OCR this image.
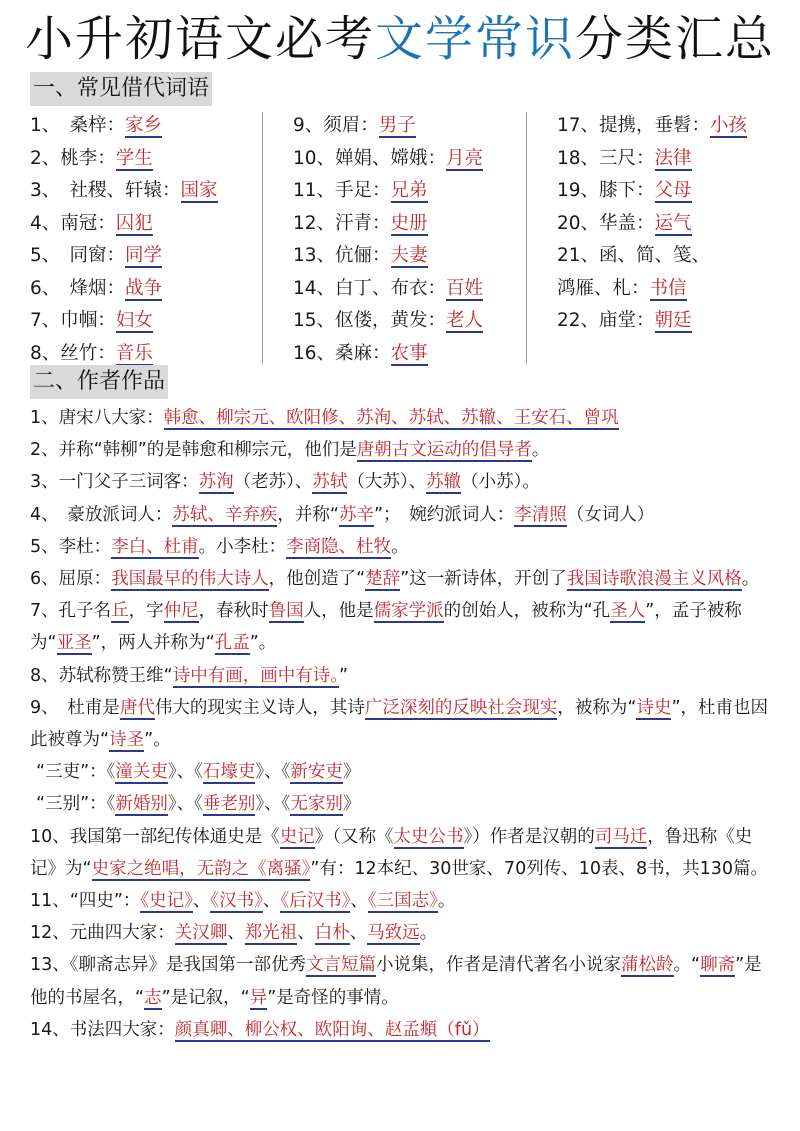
小升初语文必考文学常识分类汇总
一、常见借代词语
1、　桑梓：家乡
2、桃李：学生
3、　社稷、轩辕：国家
4、南冠：囚犯
5、　同窗：同学
6、　烽烟：战争
7、巾帼：妇女
8、丝竹：音乐
9、须眉：男子
10、婵娟、嫦娥：月亮
11、手足：兄弟
12、汗青：史册
13、伉俪：夫妻
14、白丁、布衣：百姓
15、伛偻，黄发：老人
16、桑麻：农事
17、提携，垂髫：小孩
18、三尺：法律
19、膝下：父母
20、华盖：运气
21、函、简、笺、
鸿雁、札：书信
22、庙堂：朝廷
二、作者作品
1、唐宋八大家：韩愈、柳宗元、欧阳修、苏洵、苏轼、苏辙、王安石、曾巩
2、并称“韩柳”的是韩愈和柳宗元，他们是唐朝古文运动的倡导者。
3、一门父子三词客：苏洵（老苏）、苏轼（大苏）、苏辙（小苏）。
4、　豪放派词人：苏轼、辛弃疾，并称“苏辛”；　婉约派词人：李清照（女词人）
5、李杜：李白、杜甫。小李杜：李商隐、杜牧。
6、屈原：我国最早的伟大诗人，他创造了“楚辞”这一新诗体，开创了我国诗歌浪漫主义风格。
7、孔子名丘，字仲尼，春秋时鲁国人，他是儒家学派的创始人，被称为“孔圣人”，孟子被称为“亚圣”，两人并称为“孔孟”。
8、苏轼称赞王维“诗中有画，画中有诗。”
9、　杜甫是唐代伟大的现实主义诗人，其诗广泛深刻的反映社会现实，被称为“诗史”，杜甫也因此被尊为“诗圣”。
“三吏”：《潼关吏》、《石壕吏》、《新安吏》
“三别”：《新婚别》、《垂老别》、《无家别》
10、我国第一部纪传体通史是《史记》（又称《太史公书》）作者是汉朝的司马迁，鲁迅称《史记》为“史家之绝唱，无韵之《离骚》”有：12本纪、30世家、70列传、10表、8书，共130篇。
11、“四史”：《史记》、《汉书》、《后汉书》、《三国志》。
12、元曲四大家：关汉卿、郑光祖、白朴、马致远。
13、《聊斋志异》是我国第一部优秀文言短篇小说集，作者是清代著名小说家蒲松龄。“聊斋”是他的书屋名，“志”是记叙，“异”是奇怪的事情。
14、书法四大家：颜真卿、柳公权、欧阳询、赵孟頫（fǔ）
